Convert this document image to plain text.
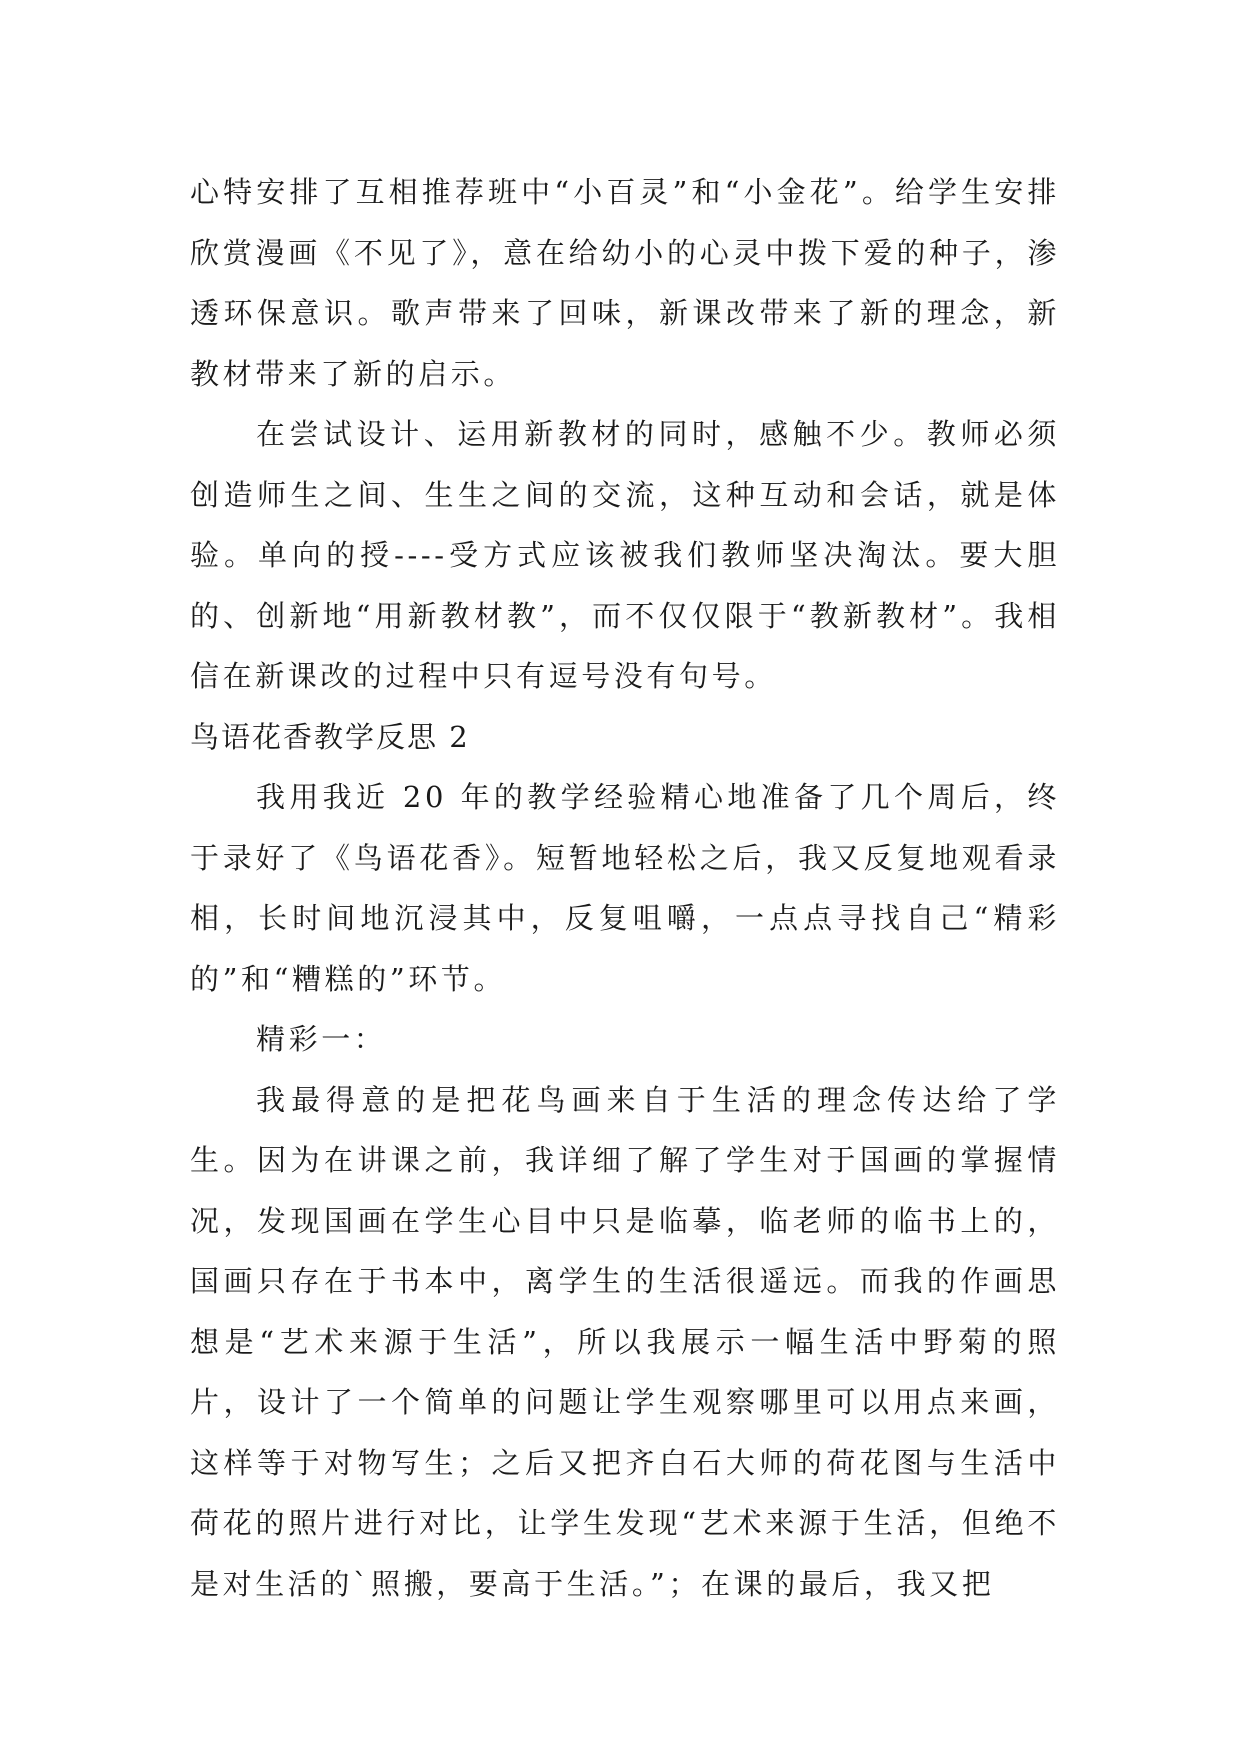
心特安排了互相推荐班中“小百灵”和“小金花”。给学生安排欣赏漫画《不见了》，意在给幼小的心灵中拨下爱的种子，渗透环保意识。歌声带来了回味，新课改带来了新的理念，新教材带来了新的启示。

在尝试设计、运用新教材的同时，感触不少。教师必须创造师生之间、生生之间的交流，这种互动和会话，就是体验。单向的授----受方式应该被我们教师坚决淘汰。要大胆的、创新地“用新教材教”，而不仅仅限于“教新教材”。我相信在新课改的过程中只有逗号没有句号。

鸟语花香教学反思 2

我用我近 20 年的教学经验精心地准备了几个周后，终于录好了《鸟语花香》。短暂地轻松之后，我又反复地观看录相，长时间地沉浸其中，反复咀嚼，一点点寻找自己“精彩的”和“糟糕的”环节。

精彩一：

我最得意的是把花鸟画来自于生活的理念传达给了学生。因为在讲课之前，我详细了解了学生对于国画的掌握情况，发现国画在学生心目中只是临摹，临老师的临书上的，国画只存在于书本中，离学生的生活很遥远。而我的作画思想是“艺术来源于生活”，所以我展示一幅生活中野菊的照片，设计了一个简单的问题让学生观察哪里可以用点来画，这样等于对物写生；之后又把齐白石大师的荷花图与生活中荷花的照片进行对比，让学生发现“艺术来源于生活，但绝不是对生活的`照搬，要高于生活。”；在课的最后，我又把
